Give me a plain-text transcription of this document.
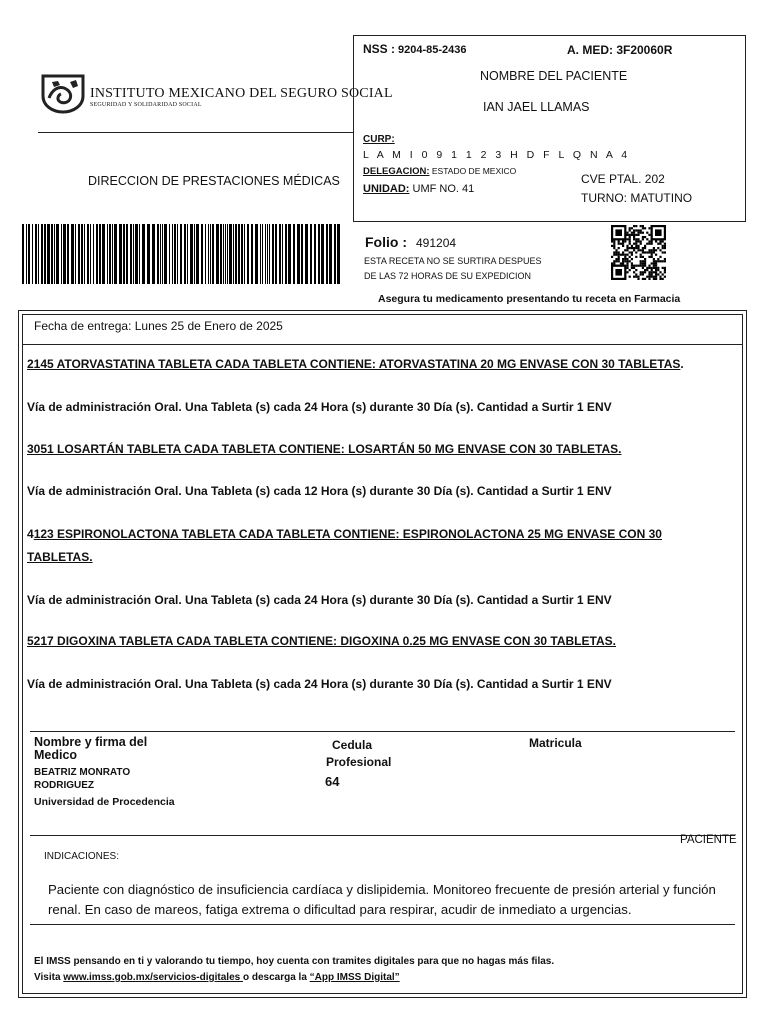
INSTITUTO MEXICANO DEL SEGURO SOCIAL
SEGURIDAD Y SOLIDARIDAD SOCIAL
DIRECCION DE PRESTACIONES MÉDICAS
NSS : 9204-85-2436	A. MED: 3F20060R
NOMBRE DEL PACIENTE
IAN JAEL LLAMAS
CURP:
L A M I 0 9 1 1 2 3 H D F L Q N A 4
DELEGACION: ESTADO DE MEXICO
UNIDAD: UMF NO. 41
CVE PTAL. 202
TURNO: MATUTINO
Folio : 491204
ESTA RECETA NO SE SURTIRA DESPUES
DE LAS 72 HORAS DE SU EXPEDICION
Asegura tu medicamento presentando tu receta en Farmacia
Fecha de entrega: Lunes 25 de Enero de 2025
2145 ATORVASTATINA TABLETA CADA TABLETA CONTIENE: ATORVASTATINA 20 MG ENVASE CON 30 TABLETAS.
Vía de administración Oral. Una Tableta (s) cada 24 Hora (s) durante 30 Día (s). Cantidad a Surtir 1 ENV
3051 LOSARTÁN TABLETA CADA TABLETA CONTIENE: LOSARTÁN 50 MG ENVASE CON 30 TABLETAS.
Vía de administración Oral. Una Tableta (s) cada 12 Hora (s) durante 30 Día (s). Cantidad a Surtir 1 ENV
4123 ESPIRONOLACTONA TABLETA CADA TABLETA CONTIENE: ESPIRONOLACTONA 25 MG ENVASE CON 30
TABLETAS.
Vía de administración Oral. Una Tableta (s) cada 24 Hora (s) durante 30 Día (s). Cantidad a Surtir 1 ENV
5217 DIGOXINA TABLETA CADA TABLETA CONTIENE: DIGOXINA 0.25 MG ENVASE CON 30 TABLETAS.
Vía de administración Oral. Una Tableta (s) cada 24 Hora (s) durante 30 Día (s). Cantidad a Surtir 1 ENV
Nombre y firma del
Medico
BEATRIZ MONRATO
RODRIGUEZ
Universidad de Procedencia
Cedula
Profesional
64
Matricula
PACIENTE
INDICACIONES:
Paciente con diagnóstico de insuficiencia cardíaca y dislipidemia. Monitoreo frecuente de presión arterial y función renal. En caso de mareos, fatiga extrema o dificultad para respirar, acudir de inmediato a urgencias.
El IMSS pensando en ti y valorando tu tiempo, hoy cuenta con tramites digitales para que no hagas más filas.
Visita www.imss.gob.mx/servicios-digitales o descarga la “App IMSS Digital”
